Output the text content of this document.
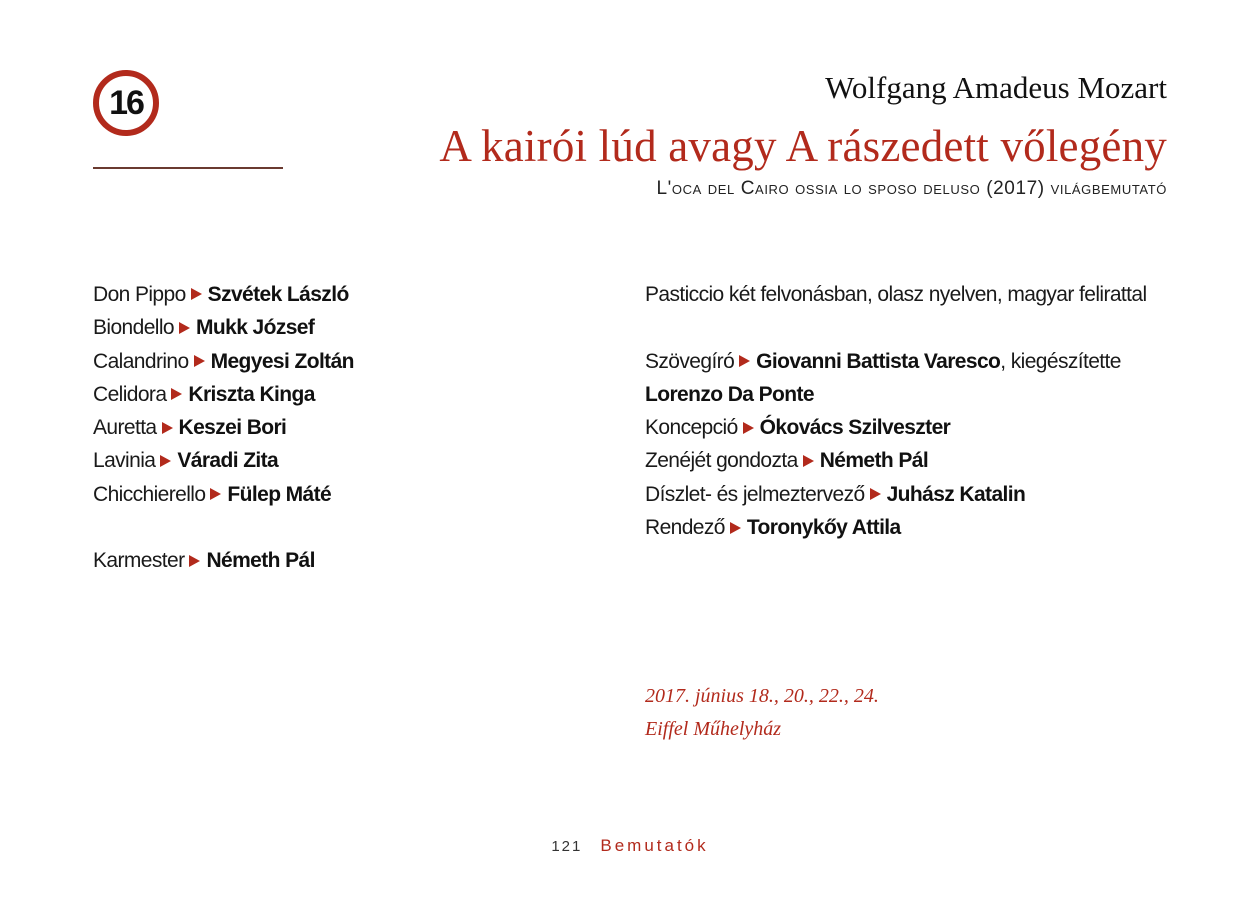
16	Wolfgang Amadeus Mozart
A kairói lúd avagy A rászedett vőlegény
L'oca del Cairo ossia lo sposo deluso (2017) világbemutató
Don Pippo Szvétek László
Biondello Mukk József
Calandrino Megyesi Zoltán
Celidora Kriszta Kinga
Auretta Keszei Bori
Lavinia Váradi Zita
Chicchierello Fülep Máté
Karmester Németh Pál
Pasticcio két felvonásban, olasz nyelven, magyar felirattal
Szövegíró Giovanni Battista Varesco, kiegészítette
Lorenzo Da Ponte
Koncepció Ókovács Szilveszter
Zenéjét gondozta Németh Pál
Díszlet- és jelmeztervező Juhász Katalin
Rendező Toronykőy Attila
2017. június 18., 20., 22., 24.
Eiffel Műhelyház
121 Bemutatók
